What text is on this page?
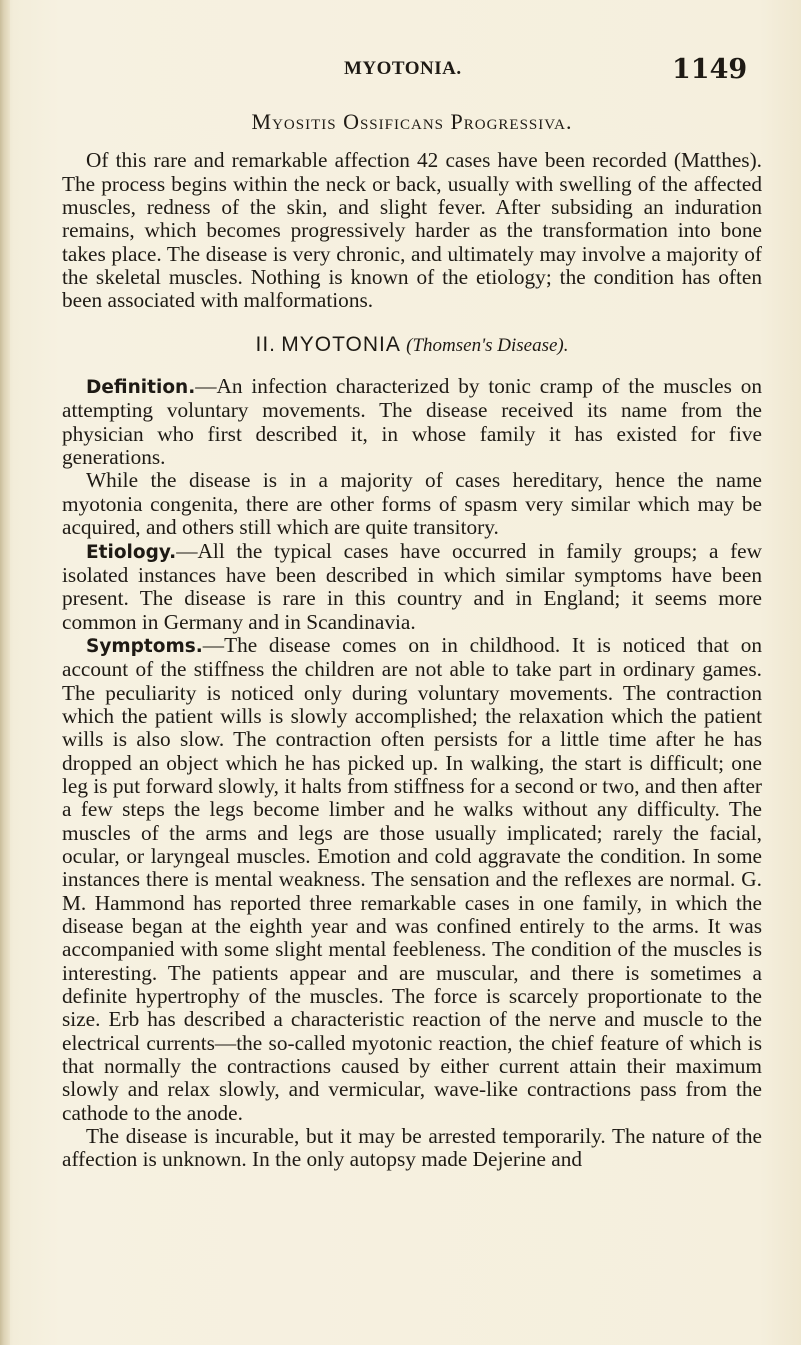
MYOTONIA.	1149
Myositis Ossificans Progressiva.

Of this rare and remarkable affection 42 cases have been recorded (Matthes). The process begins within the neck or back, usually with swelling of the affected muscles, redness of the skin, and slight fever. After subsiding an induration remains, which becomes progressively harder as the transformation into bone takes place. The disease is very chronic, and ultimately may involve a majority of the skeletal muscles. Nothing is known of the etiology; the condition has often been associated with malformations.

II. MYOTONIA (Thomsen's Disease).

Definition.—An infection characterized by tonic cramp of the muscles on attempting voluntary movements. The disease received its name from the physician who first described it, in whose family it has existed for five generations.

While the disease is in a majority of cases hereditary, hence the name myotonia congenita, there are other forms of spasm very similar which may be acquired, and others still which are quite transitory.

Etiology.—All the typical cases have occurred in family groups; a few isolated instances have been described in which similar symptoms have been present. The disease is rare in this country and in England; it seems more common in Germany and in Scandinavia.

Symptoms.—The disease comes on in childhood. It is noticed that on account of the stiffness the children are not able to take part in ordinary games. The peculiarity is noticed only during voluntary movements. The contraction which the patient wills is slowly accomplished; the relaxation which the patient wills is also slow. The contraction often persists for a little time after he has dropped an object which he has picked up. In walking, the start is difficult; one leg is put forward slowly, it halts from stiffness for a second or two, and then after a few steps the legs become limber and he walks without any difficulty. The muscles of the arms and legs are those usually implicated; rarely the facial, ocular, or laryngeal muscles. Emotion and cold aggravate the condition. In some instances there is mental weakness. The sensation and the reflexes are normal. G. M. Hammond has reported three remarkable cases in one family, in which the disease began at the eighth year and was confined entirely to the arms. It was accompanied with some slight mental feebleness. The condition of the muscles is interesting. The patients appear and are muscular, and there is sometimes a definite hypertrophy of the muscles. The force is scarcely proportionate to the size. Erb has described a characteristic reaction of the nerve and muscle to the electrical currents—the so-called myotonic reaction, the chief feature of which is that normally the contractions caused by either current attain their maximum slowly and relax slowly, and vermicular, wave-like contractions pass from the cathode to the anode.

The disease is incurable, but it may be arrested temporarily. The nature of the affection is unknown. In the only autopsy made Dejerine and
